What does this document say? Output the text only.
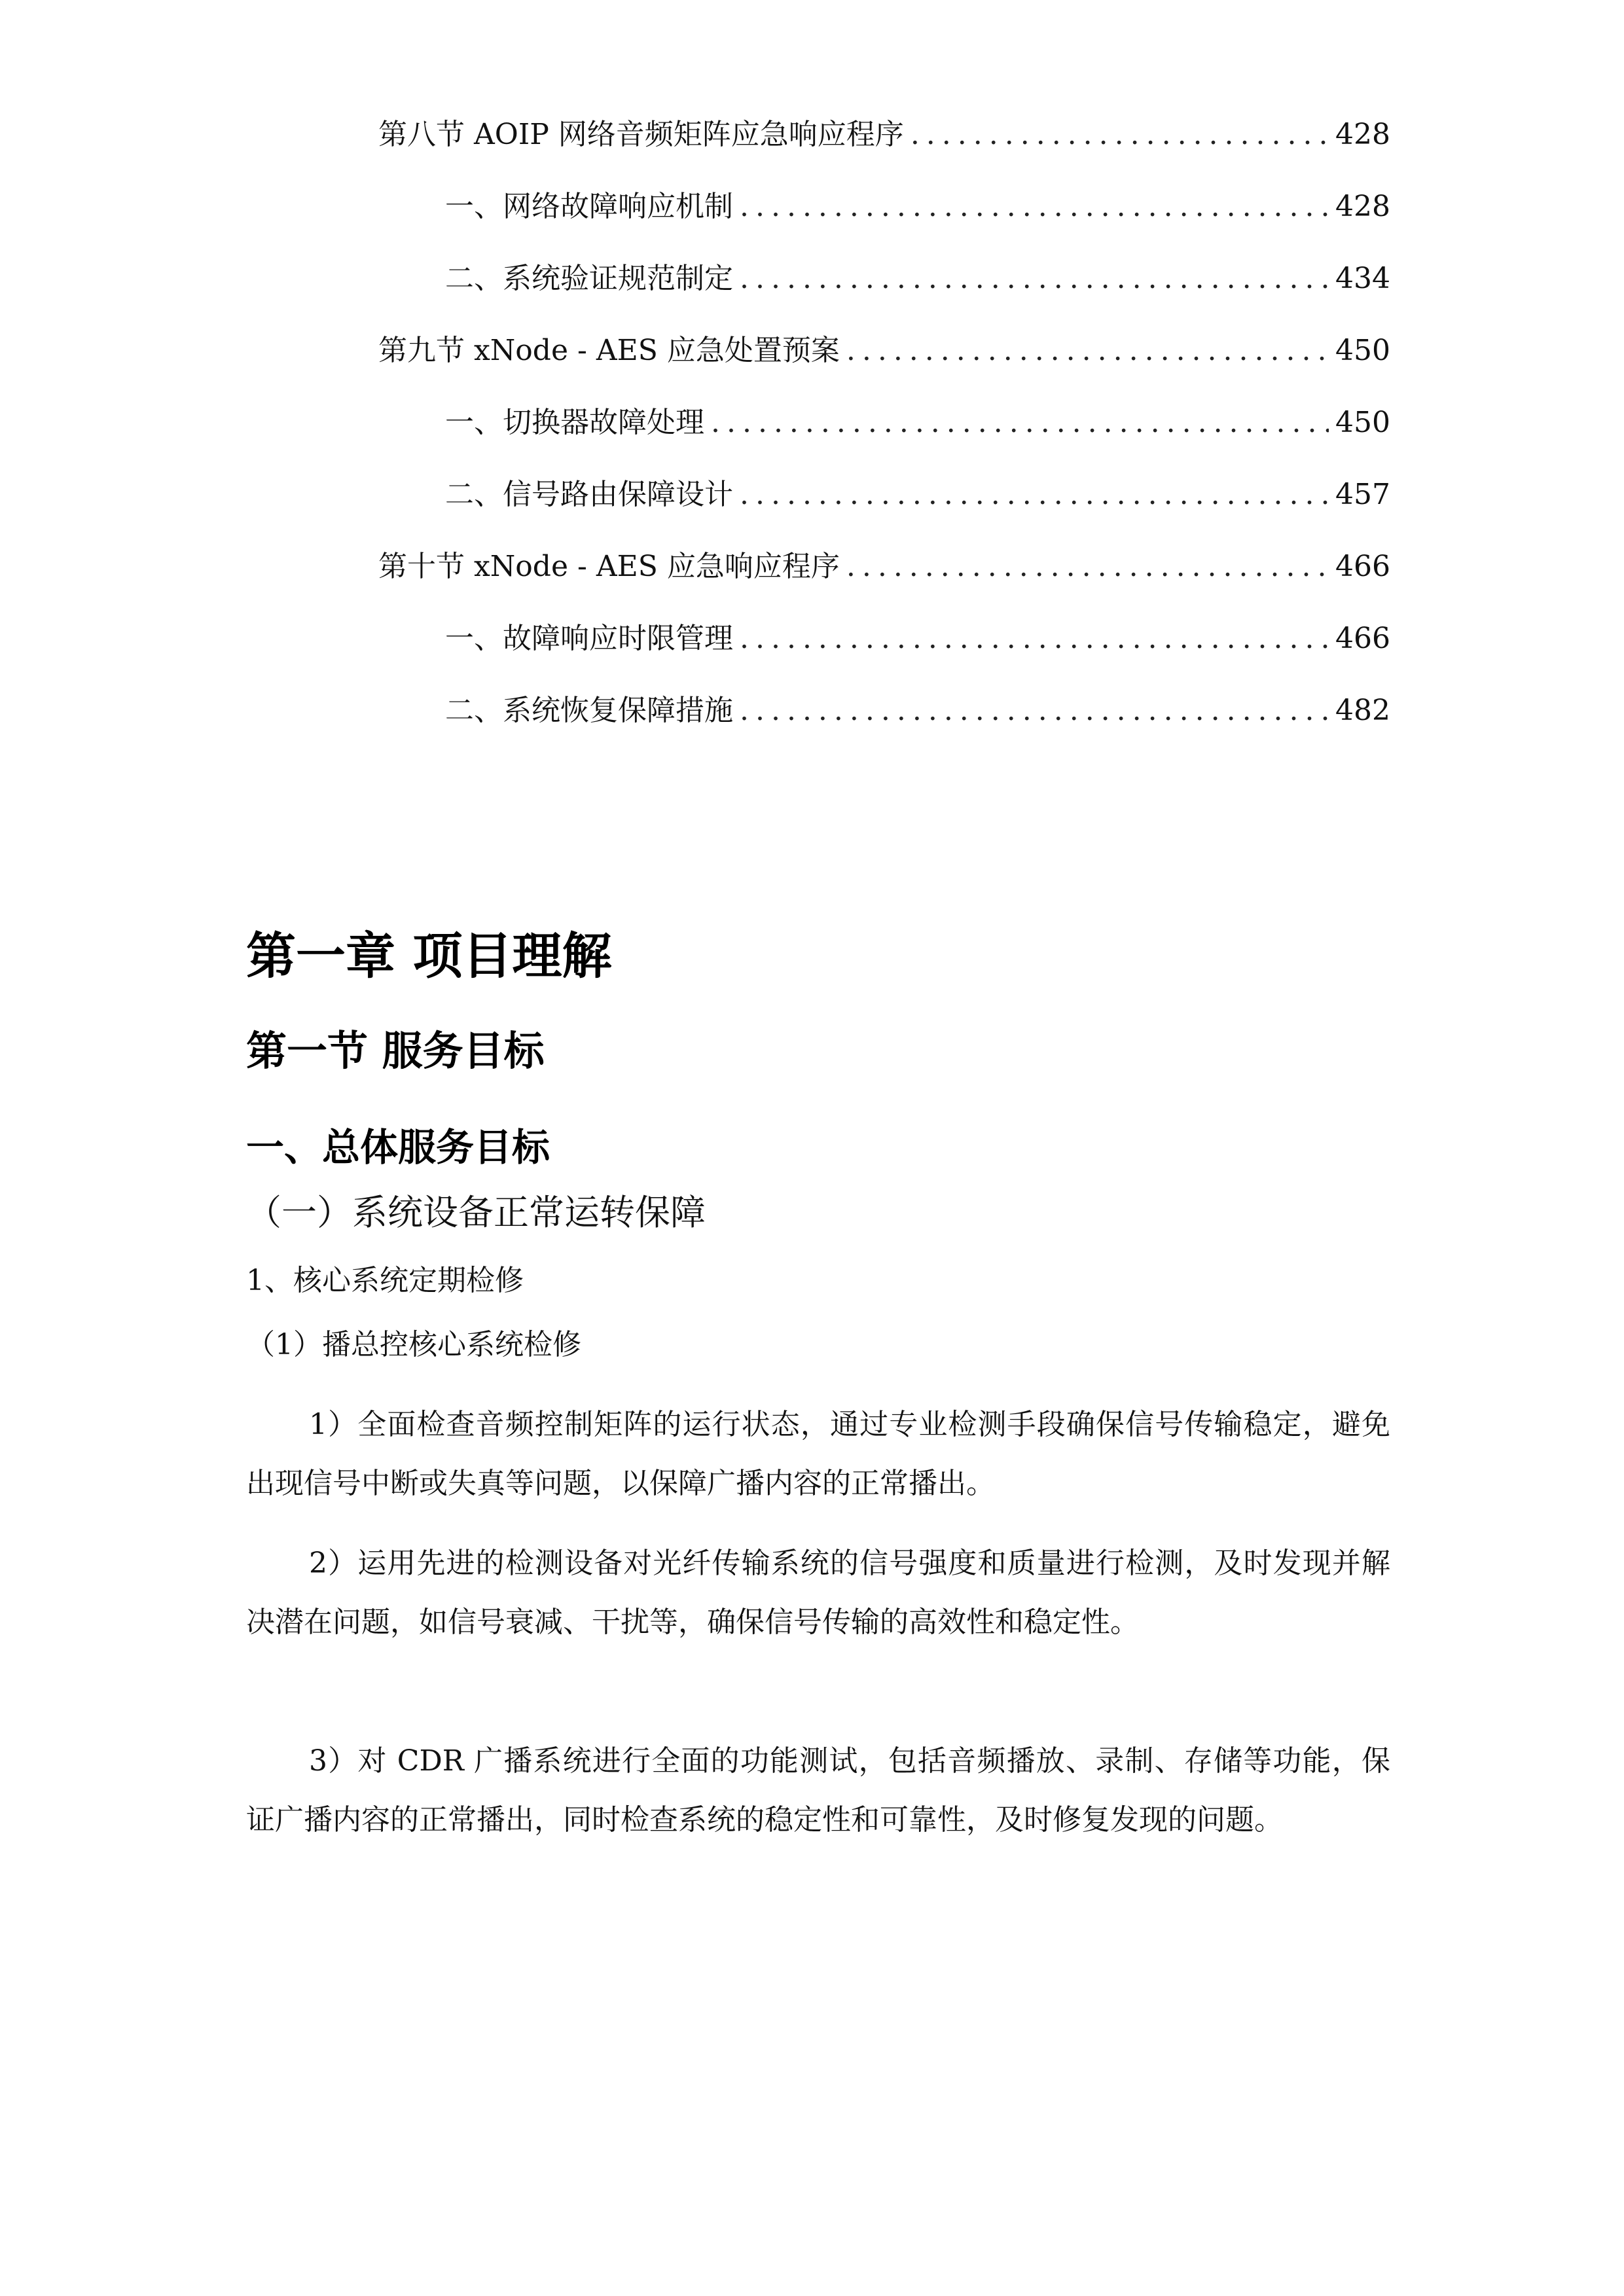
第八节 AOIP 网络音频矩阵应急响应程序 .....	428
一、 网络故障响应机制 .....	428
二、 系统验证规范制定 .....	434
第九节 xNode - AES 应急处置预案 .....	450
一、 切换器故障处理 .....	450
二、 信号路由保障设计 .....	457
第十节 xNode - AES 应急响应程序 .....	466
一、 故障响应时限管理 .....	466
二、 系统恢复保障措施 .....	482
第一章 项目理解
第一节 服务目标
一、总体服务目标
（一）系统设备正常运转保障
1、核心系统定期检修
（1）播总控核心系统检修

1）全面检查音频控制矩阵的运行状态，通过专业检测手段确保信号传输稳定，避免出现信号中断或失真等问题，以保障广播内容的正常播出。

2）运用先进的检测设备对光纤传输系统的信号强度和质量进行检测，及时发现并解决潜在问题，如信号衰减、干扰等，确保信号传输的高效性和稳定性。

3）对 CDR 广播系统进行全面的功能测试，包括音频播放、录制、存储等功能，保证广播内容的正常播出，同时检查系统的稳定性和可靠性，及时修复发现的问题。
